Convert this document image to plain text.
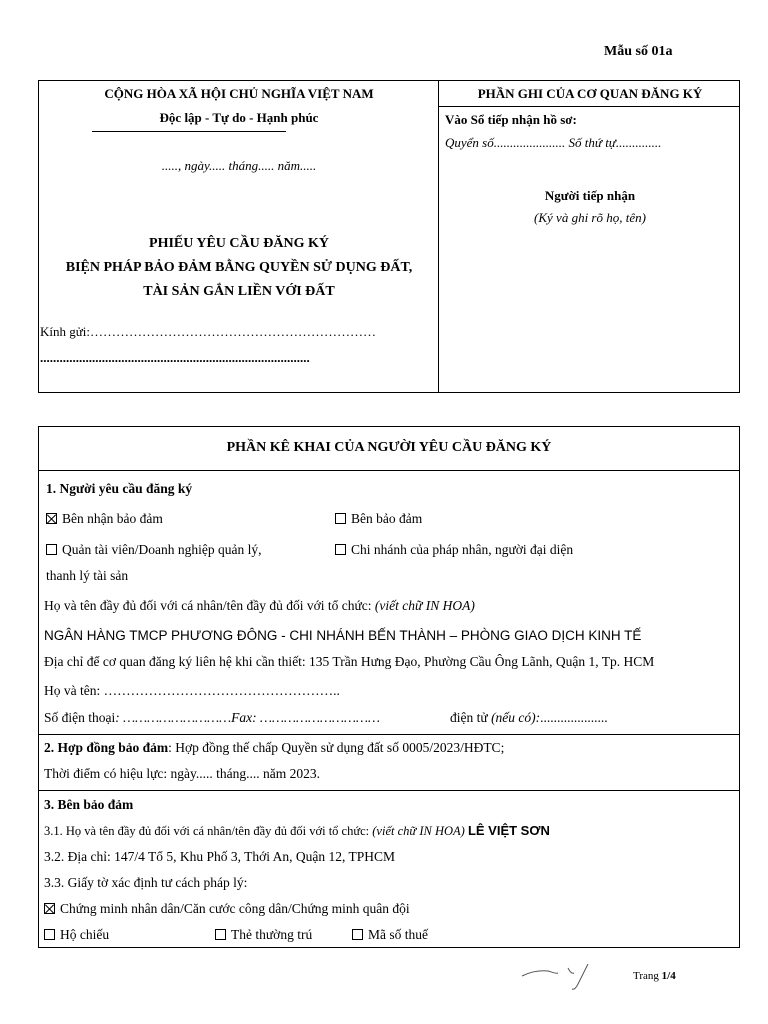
Mẫu số 01a
CỘNG HÒA XÃ HỘI CHỦ NGHĨA VIỆT NAM
Độc lập - Tự do - Hạnh phúc
....., ngày..... tháng..... năm.....
PHIẾU YÊU CẦU ĐĂNG KÝ
BIỆN PHÁP BẢO ĐẢM BẰNG QUYỀN SỬ DỤNG ĐẤT,
TÀI SẢN GẮN LIỀN VỚI ĐẤT
Kính gửi:…………………………………………………………
...................................................................................
PHẦN GHI CỦA CƠ QUAN ĐĂNG KÝ
Vào Sổ tiếp nhận hồ sơ:
Quyển số...................... Số thứ tự..............
Người tiếp nhận
(Ký và ghi rõ họ, tên)
PHẦN KÊ KHAI CỦA NGƯỜI YÊU CẦU ĐĂNG KÝ
1. Người yêu cầu đăng ký
Bên nhận bảo đảm	Bên bảo đảm
Quản tài viên/Doanh nghiệp quản lý,
thanh lý tài sản
Chi nhánh của pháp nhân, người đại diện
Họ và tên đầy đủ đối với cá nhân/tên đầy đủ đối với tổ chức: (viết chữ IN HOA)
NGÂN HÀNG TMCP PHƯƠNG ĐÔNG - CHI NHÁNH BẾN THÀNH – PHÒNG GIAO DỊCH KINH TẾ
Địa chỉ để cơ quan đăng ký liên hệ khi cần thiết: 135 Trần Hưng Đạo, Phường Cầu Ông Lãnh, Quận 1, Tp. HCM
Họ và tên: ……………………………………………..
Số điện thoại: ………………………Fax: …………………………	điện tử (nếu có):....................
2. Hợp đồng bảo đảm: Hợp đồng thế chấp Quyền sử dụng đất số 0005/2023/HĐTC;
Thời điểm có hiệu lực: ngày..... tháng.... năm 2023.
3. Bên bảo đảm
3.1. Họ và tên đầy đủ đối với cá nhân/tên đầy đủ đối với tổ chức: (viết chữ IN HOA) LÊ VIỆT SƠN
3.2. Địa chỉ: 147/4 Tổ 5, Khu Phố 3, Thới An, Quận 12, TPHCM
3.3. Giấy tờ xác định tư cách pháp lý:
Chứng minh nhân dân/Căn cước công dân/Chứng minh quân đội
Hộ chiếu	Thẻ thường trú	Mã số thuế
Trang 1/4
